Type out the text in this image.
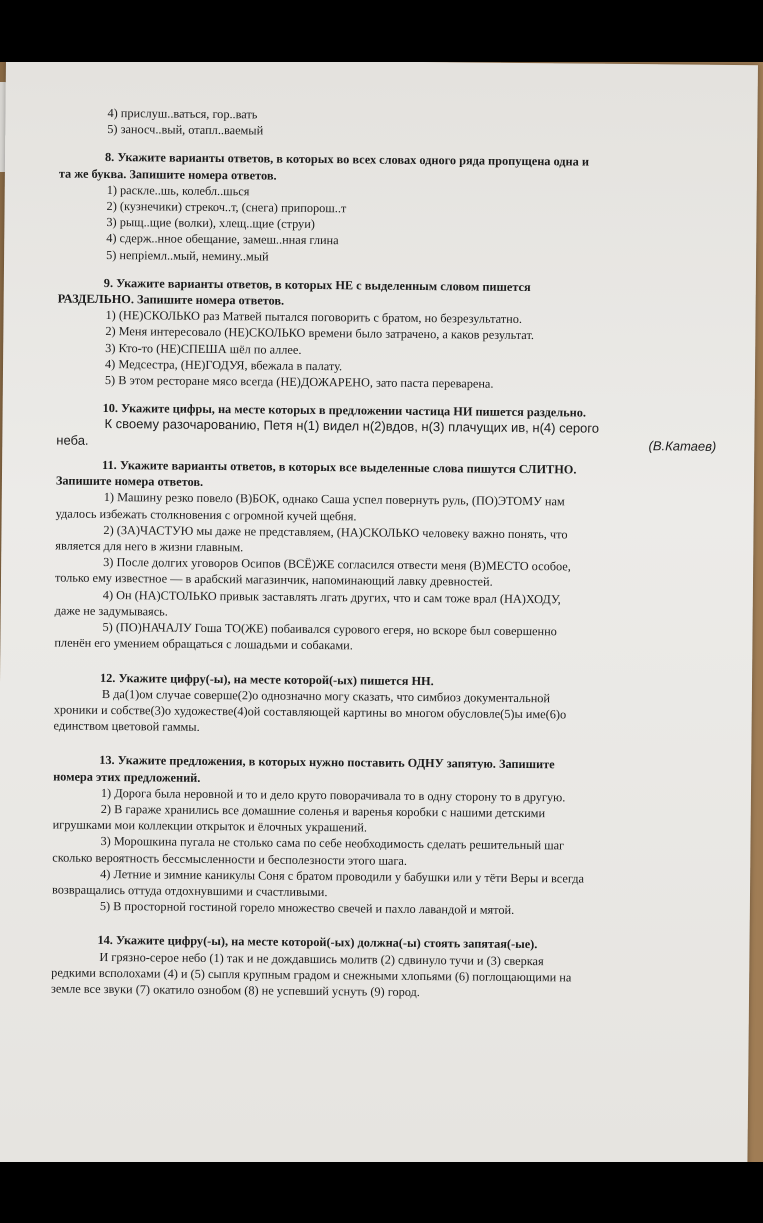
4) прислуш..ваться, гор..вать
5) заносч..вый, отапл..ваемый
8. Укажите варианты ответов, в которых во всех словах одного ряда пропущена одна и
та же буква. Запишите номера ответов.
1) раскле..шь, колебл..шься
2) (кузнечики) стрекоч..т, (снега) припорош..т
3) рыщ..щие (волки), хлещ..щие (струи)
4) сдерж..нное обещание, замеш..нная глина
5) непрiемл..мый, немину..мый
9. Укажите варианты ответов, в которых НЕ с выделенным словом пишется
РАЗДЕЛЬНО. Запишите номера ответов.
1) (НЕ)СКОЛЬКО раз Матвей пытался поговорить с братом, но безрезультатно.
2) Меня интересовало (НЕ)СКОЛЬКО времени было затрачено, а каков результат.
3) Кто-то (НЕ)СПЕША шёл по аллее.
4) Медсестра, (НЕ)ГОДУЯ, вбежала в палату.
5) В этом ресторане мясо всегда (НЕ)ДОЖАРЕНО, зато паста переварена.
10. Укажите цифры, на месте которых в предложении частица НИ пишется раздельно.
К своему разочарованию, Петя н(1) видел н(2)вдов, н(3) плачущих ив, н(4) серого
неба.	(В.Катаев)
11. Укажите варианты ответов, в которых все выделенные слова пишутся СЛИТНО.
Запишите номера ответов.
1) Машину резко повело (В)БОК, однако Саша успел повернуть руль, (ПО)ЭТОМУ нам
удалось избежать столкновения с огромной кучей щебня.
2) (ЗА)ЧАСТУЮ мы даже не представляем, (НА)СКОЛЬКО человеку важно понять, что
является для него в жизни главным.
3) После долгих уговоров Осипов (ВСЁ)ЖЕ согласился отвести меня (В)МЕСТО особое,
только ему известное — в арабский магазинчик, напоминающий лавку древностей.
4) Он (НА)СТОЛЬКО привык заставлять лгать других, что и сам тоже врал (НА)ХОДУ,
даже не задумываясь.
5) (ПО)НАЧАЛУ Гоша ТО(ЖЕ) побаивался сурового егеря, но вскоре был совершенно
пленён его умением обращаться с лошадьми и собаками.
12. Укажите цифру(-ы), на месте которой(-ых) пишется НН.
В да(1)ом случае соверше(2)о однозначно могу сказать, что симбиоз документальной
хроники и собстве(3)о художестве(4)ой составляющей картины во многом обусловле(5)ы име(6)о
единством цветовой гаммы.
13. Укажите предложения, в которых нужно поставить ОДНУ запятую. Запишите
номера этих предложений.
1) Дорога была неровной и то и дело круто поворачивала то в одну сторону то в другую.
2) В гараже хранились все домашние соленья и варенья коробки с нашими детскими
игрушками мои коллекции открыток и ёлочных украшений.
3) Морошкина пугала не столько сама по себе необходимость сделать решительный шаг
сколько вероятность бессмысленности и бесполезности этого шага.
4) Летние и зимние каникулы Соня с братом проводили у бабушки или у тёти Веры и всегда
возвращались оттуда отдохнувшими и счастливыми.
5) В просторной гостиной горело множество свечей и пахло лавандой и мятой.
14. Укажите цифру(-ы), на месте которой(-ых) должна(-ы) стоять запятая(-ые).
И грязно-серое небо (1) так и не дождавшись молитв (2) сдвинуло тучи и (3) сверкая
редкими всполохами (4) и (5) сыпля крупным градом и снежными хлопьями (6) поглощающими на
земле все звуки (7) окатило ознобом (8) не успевший уснуть (9) город.
